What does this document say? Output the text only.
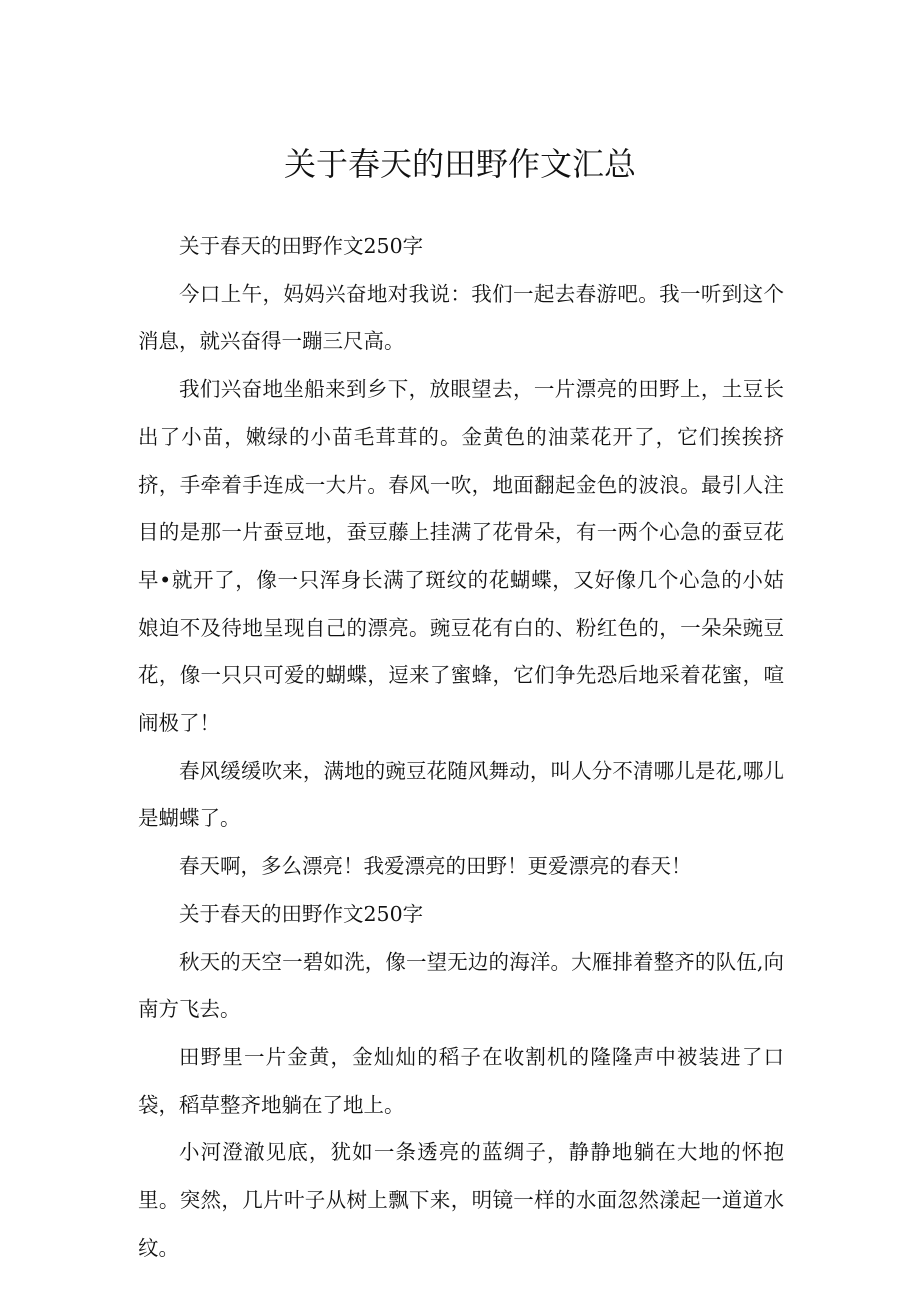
关于春天的田野作文汇总

关于春天的田野作文250字

今口上午，妈妈兴奋地对我说：我们一起去春游吧。我一听到这个消息，就兴奋得一蹦三尺高。

我们兴奋地坐船来到乡下，放眼望去，一片漂亮的田野上，土豆长出了小苗，嫩绿的小苗毛茸茸的。金黄色的油菜花开了，它们挨挨挤挤，手牵着手连成一大片。春风一吹，地面翻起金色的波浪。最引人注目的是那一片蚕豆地，蚕豆藤上挂满了花骨朵，有一两个心急的蚕豆花早•就开了，像一只浑身长满了斑纹的花蝴蝶，又好像几个心急的小姑娘迫不及待地呈现自己的漂亮。豌豆花有白的、粉红色的，一朵朵豌豆花，像一只只可爱的蝴蝶，逗来了蜜蜂，它们争先恐后地采着花蜜，喧闹极了！

春风缓缓吹来，满地的豌豆花随风舞动，叫人分不清哪儿是花,哪儿是蝴蝶了。

春天啊，多么漂亮！我爱漂亮的田野！更爱漂亮的春天！

关于春天的田野作文250字

秋天的天空一碧如洗，像一望无边的海洋。大雁排着整齐的队伍,向南方飞去。

田野里一片金黄，金灿灿的稻子在收割机的隆隆声中被装进了口袋，稻草整齐地躺在了地上。

小河澄澈见底，犹如一条透亮的蓝绸子，静静地躺在大地的怀抱里。突然，几片叶子从树上飘下来，明镜一样的水面忽然漾起一道道水纹。
